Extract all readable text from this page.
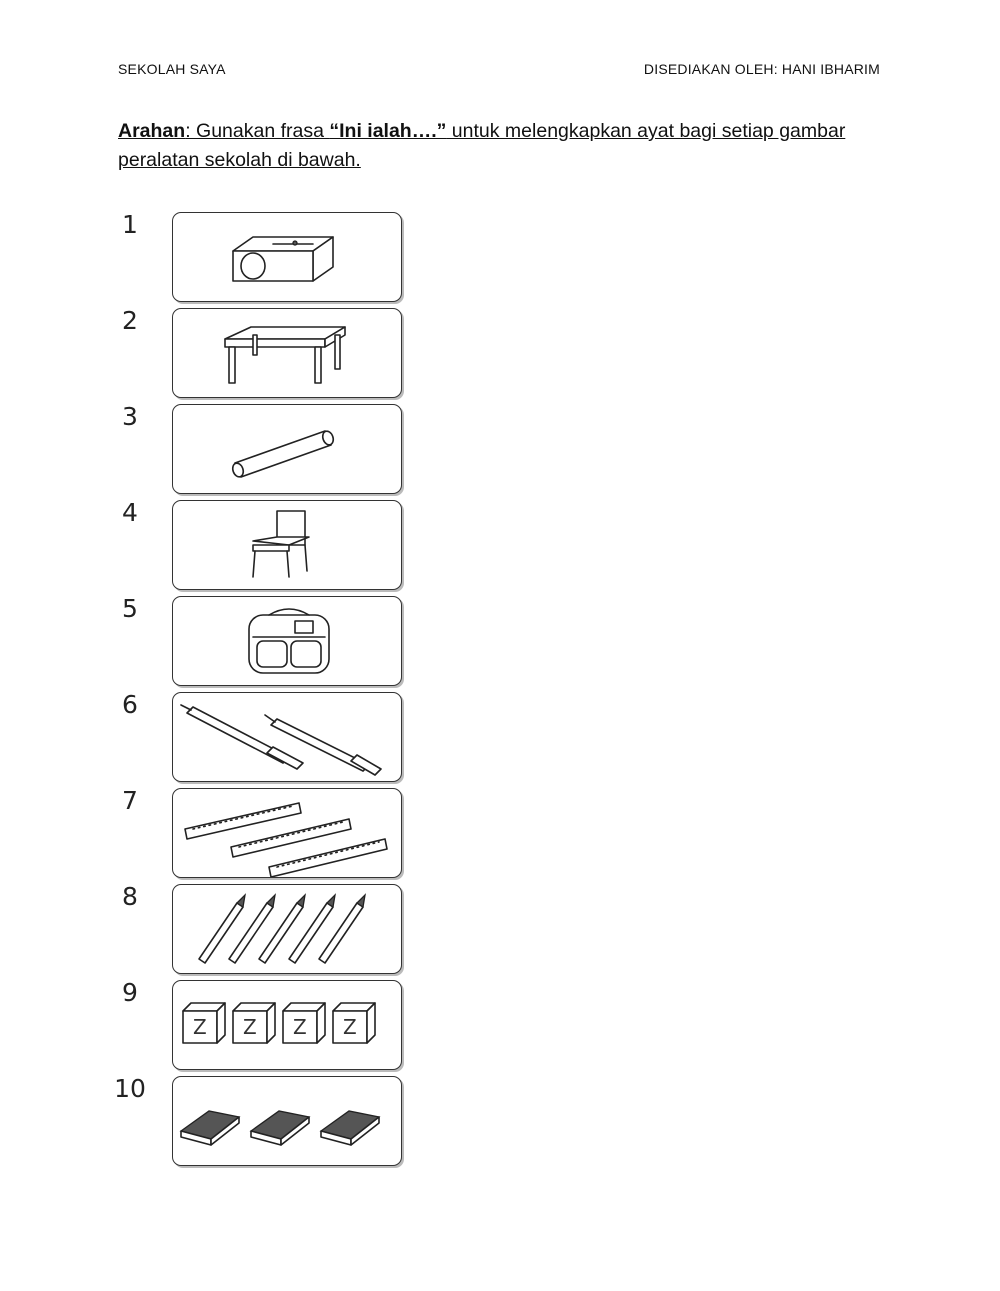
SEKOLAH SAYA	DISEDIAKAN OLEH: HANI IBHARIM
Arahan: Gunakan frasa “Ini ialah….” untuk melengkapkan ayat bagi setiap gambar peralatan sekolah di bawah.
1
2
3
4
5
6
7
8
9
Z Z Z Z
10
